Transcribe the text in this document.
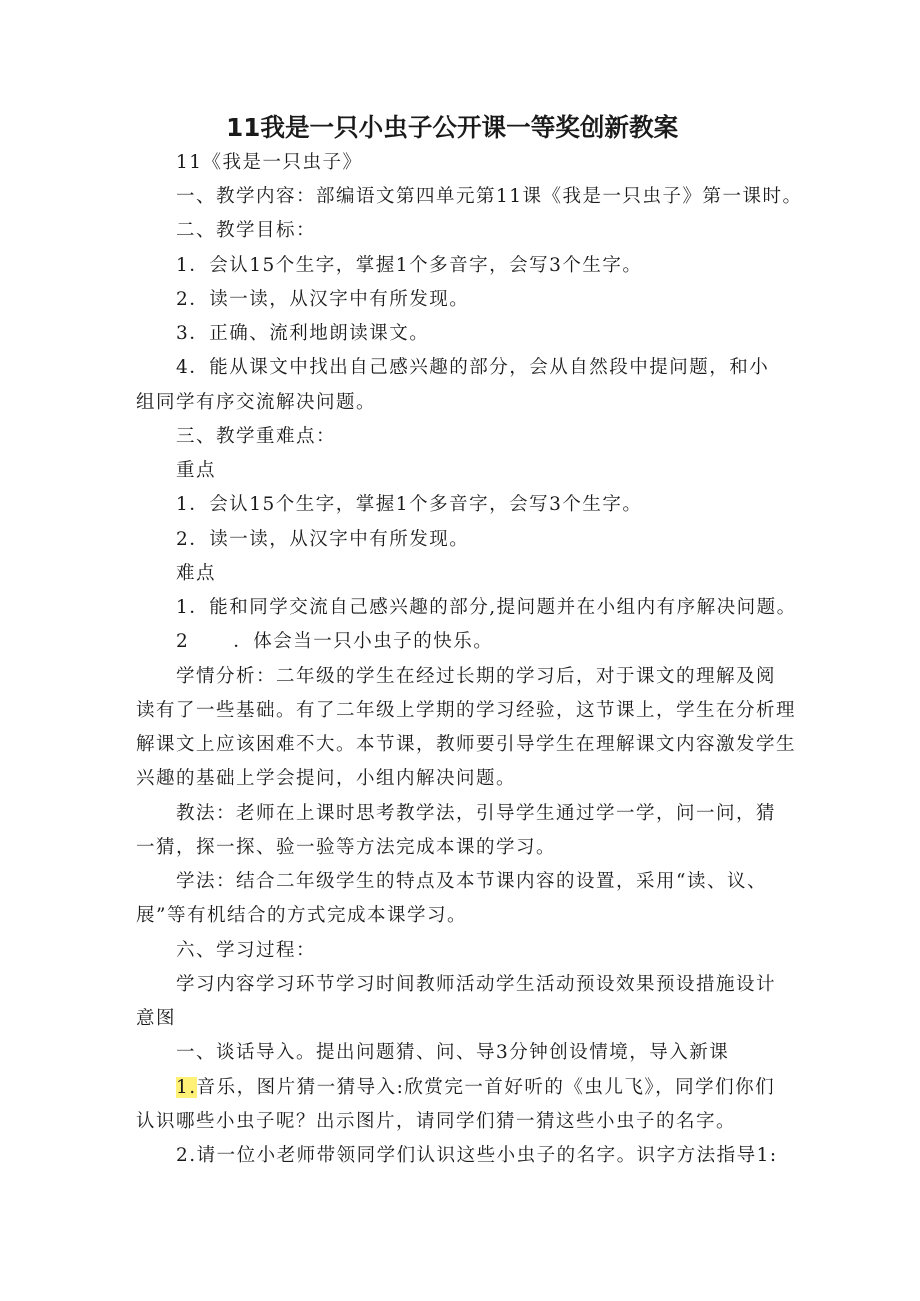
11我是一只小虫子公开课一等奖创新教案
11《我是一只虫子》
一、教学内容：部编语文第四单元第11课《我是一只虫子》第一课时。
二、教学目标：
1．会认15个生字，掌握1个多音字，会写3个生字。
2．读一读，从汉字中有所发现。
3．正确、流利地朗读课文。
4．能从课文中找出自己感兴趣的部分，会从自然段中提问题，和小
组同学有序交流解决问题。
三、教学重难点：
重点
1．会认15个生字，掌握1个多音字，会写3个生字。
2．读一读，从汉字中有所发现。
难点
1．能和同学交流自己感兴趣的部分,提问题并在小组内有序解决问题。
2 ．体会当一只小虫子的快乐。
学情分析：二年级的学生在经过长期的学习后，对于课文的理解及阅
读有了一些基础。有了二年级上学期的学习经验，这节课上，学生在分析理
解课文上应该困难不大。本节课，教师要引导学生在理解课文内容激发学生
兴趣的基础上学会提问，小组内解决问题。
教法：老师在上课时思考教学法，引导学生通过学一学，问一问，猜
一猜，探一探、验一验等方法完成本课的学习。
学法：结合二年级学生的特点及本节课内容的设置，采用“读、议、
展”等有机结合的方式完成本课学习。
六、学习过程：
学习内容学习环节学习时间教师活动学生活动预设效果预设措施设计
意图
一、谈话导入。提出问题猜、问、导3分钟创设情境，导入新课
1.音乐，图片猜一猜导入:欣赏完一首好听的《虫儿飞》，同学们你们
认识哪些小虫子呢？出示图片，请同学们猜一猜这些小虫子的名字。
2.请一位小老师带领同学们认识这些小虫子的名字。识字方法指导1:
